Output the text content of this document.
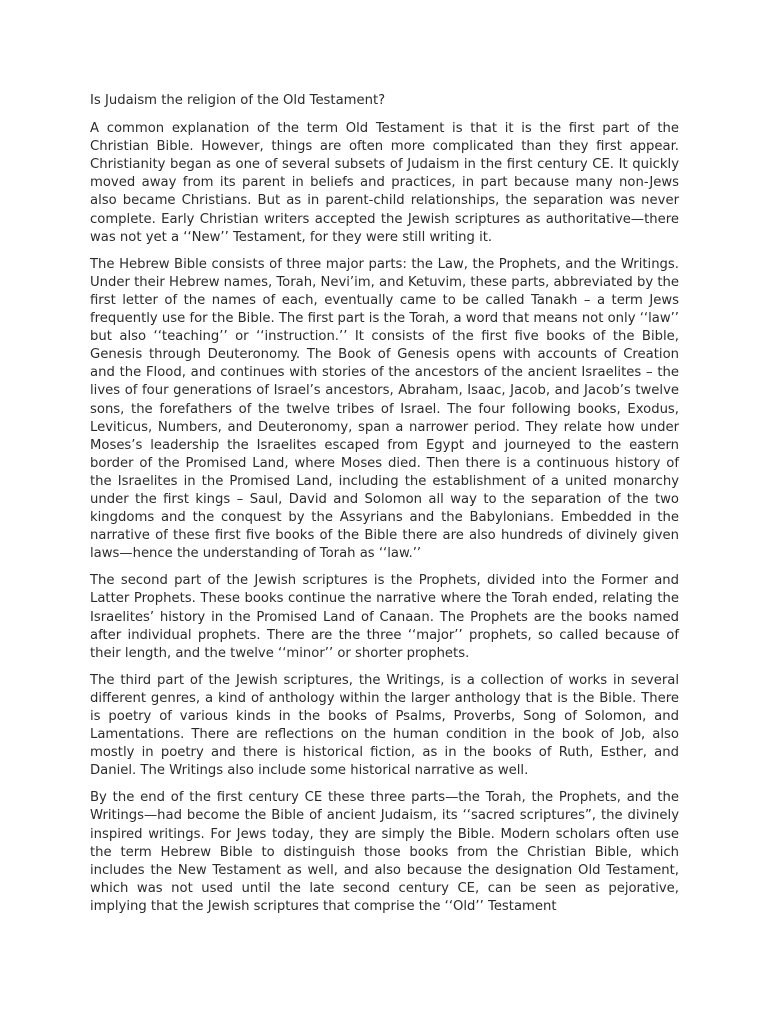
Is Judaism the religion of the Old Testament?

A common explanation of the term Old Testament is that it is the first part of the Christian Bible. However, things are often more complicated than they first appear. Christianity began as one of several subsets of Judaism in the first century CE. It quickly moved away from its parent in beliefs and practices, in part because many non-Jews also became Christians. But as in parent-child relationships, the separation was never complete. Early Christian writers accepted the Jewish scriptures as authoritative—there was not yet a ‘‘New’’ Testament, for they were still writing it.

The Hebrew Bible consists of three major parts: the Law, the Prophets, and the Writings. Under their Hebrew names, Torah, Nevi’im, and Ketuvim, these parts, abbreviated by the first letter of the names of each, eventually came to be called Tanakh – a term Jews frequently use for the Bible. The first part is the Torah, a word that means not only ‘‘law’’ but also ‘‘teaching’’ or ‘‘instruction.’’ It consists of the first five books of the Bible, Genesis through Deuteronomy. The Book of Genesis opens with accounts of Creation and the Flood, and continues with stories of the ancestors of the ancient Israelites – the lives of four generations of Israel’s ancestors, Abraham, Isaac, Jacob, and Jacob’s twelve sons, the forefathers of the twelve tribes of Israel. The four following books, Exodus, Leviticus, Numbers, and Deuteronomy, span a narrower period. They relate how under Moses’s leadership the Israelites escaped from Egypt and journeyed to the eastern border of the Promised Land, where Moses died. Then there is a continuous history of the Israelites in the Promised Land, including the establishment of a united monarchy under the first kings – Saul, David and Solomon all way to the separation of the two kingdoms and the conquest by the Assyrians and the Babylonians. Embedded in the narrative of these first five books of the Bible there are also hundreds of divinely given laws—hence the understanding of Torah as ‘‘law.’’

The second part of the Jewish scriptures is the Prophets, divided into the Former and Latter Prophets. These books continue the narrative where the Torah ended, relating the Israelites’ history in the Promised Land of Canaan. The Prophets are the books named after individual prophets. There are the three ‘‘major’’ prophets, so called because of their length, and the twelve ‘‘minor’’ or shorter prophets.

The third part of the Jewish scriptures, the Writings, is a collection of works in several different genres, a kind of anthology within the larger anthology that is the Bible. There is poetry of various kinds in the books of Psalms, Proverbs, Song of Solomon, and Lamentations. There are reflections on the human condition in the book of Job, also mostly in poetry and there is historical fiction, as in the books of Ruth, Esther, and Daniel. The Writings also include some historical narrative as well.

By the end of the first century CE these three parts—the Torah, the Prophets, and the Writings—had become the Bible of ancient Judaism, its ‘‘sacred scriptures”, the divinely inspired writings. For Jews today, they are simply the Bible. Modern scholars often use the term Hebrew Bible to distinguish those books from the Christian Bible, which includes the New Testament as well, and also because the designation Old Testament, which was not used until the late second century CE, can be seen as pejorative, implying that the Jewish scriptures that comprise the ‘‘Old’’ Testament
